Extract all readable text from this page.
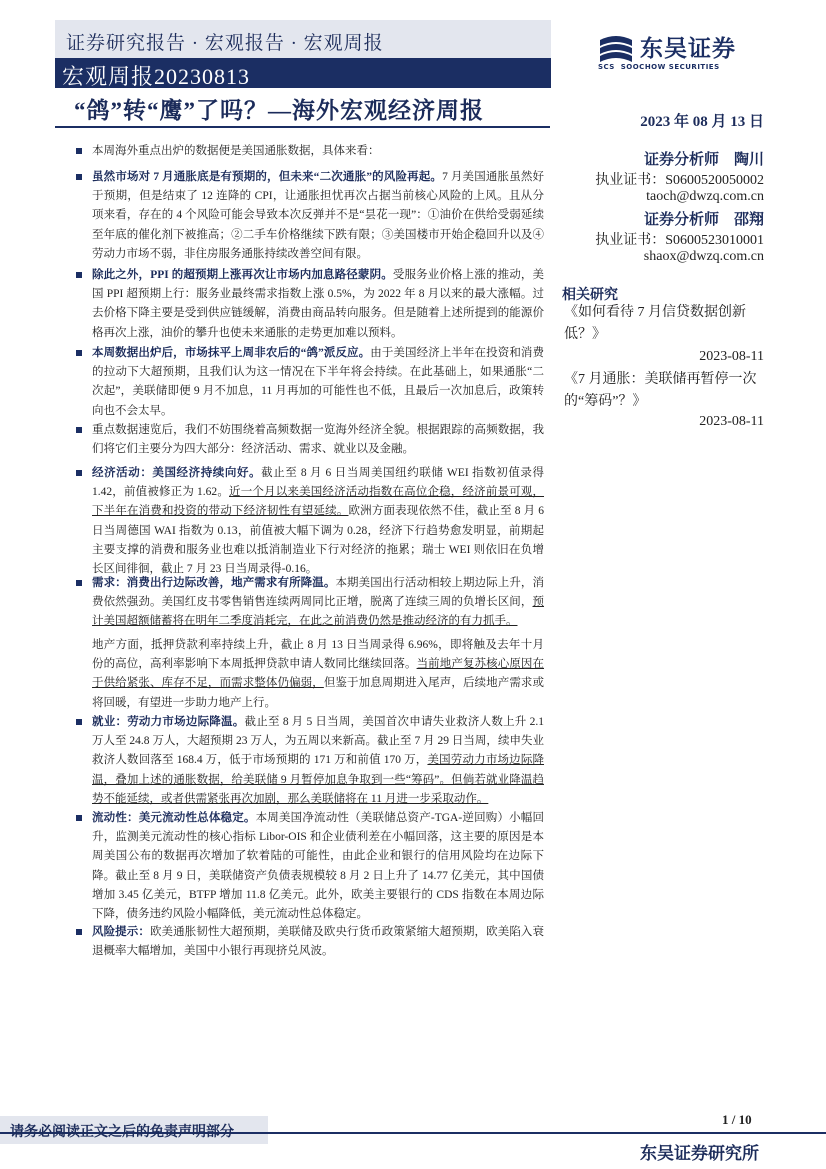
证券研究报告 · 宏观报告 · 宏观周报
宏观周报20230813
“鸽”转“鹰”了吗？—海外宏观经济周报
东吴证券
SCS SOOCHOW SECURITIES
2023 年 08 月 13 日
证券分析师　陶川
执业证书：S0600520050002
taoch@dwzq.com.cn
证券分析师　邵翔
执业证书：S0600523010001
shaox@dwzq.com.cn
相关研究
《如何看待 7 月信贷数据创新低？》
2023-08-11
《7 月通胀：美联储再暂停一次的“筹码”？》
2023-08-11
本周海外重点出炉的数据便是美国通胀数据，具体来看：
虽然市场对 7 月通胀底是有预期的，但未来“二次通胀”的风险再起。7 月美国通胀虽然好于预期，但是结束了 12 连降的 CPI，让通胀担忧再次占据当前核心风险的上风。且从分项来看，存在的 4 个风险可能会导致本次反弹并不是“昙花一现”：①油价在供给受弱延续至年底的催化剂下被推高；②二手车价格继续下跌有限；③美国楼市开始企稳回升以及④劳动力市场不弱，非住房服务通胀持续改善空间有限。
除此之外，PPI 的超预期上涨再次让市场内加息路径蒙阴。受服务业价格上涨的推动，美国 PPI 超预期上行：服务业最终需求指数上涨 0.5%，为 2022 年 8 月以来的最大涨幅。过去价格下降主要是受到供应链缓解，消费由商品转向服务。但是随着上述所提到的能源价格再次上涨，油价的攀升也使未来通胀的走势更加难以预料。
本周数据出炉后，市场抹平上周非农后的“鸽”派反应。由于美国经济上半年在投资和消费的拉动下大超预期，且我们认为这一情况在下半年将会持续。在此基础上，如果通胀“二次起”，美联储即便 9 月不加息，11 月再加的可能性也不低，且最后一次加息后，政策转向也不会太早。
重点数据速览后，我们不妨围绕着高频数据一览海外经济全貌。根据跟踪的高频数据，我们将它们主要分为四大部分：经济活动、需求、就业以及金融。
经济活动：美国经济持续向好。截止至 8 月 6 日当周美国纽约联储 WEI 指数初值录得 1.42，前值被修正为 1.62。近一个月以来美国经济活动指数在高位企稳，经济前景可观，下半年在消费和投资的带动下经济韧性有望延续。欧洲方面表现依然不佳，截止至 8 月 6 日当周德国 WAI 指数为 0.13，前值被大幅下调为 0.28，经济下行趋势愈发明显，前期起主要支撑的消费和服务业也难以抵消制造业下行对经济的拖累；瑞士 WEI 则依旧在负增长区间徘徊，截止 7 月 23 日当周录得-0.16。
需求：消费出行边际改善，地产需求有所降温。本期美国出行活动相较上期边际上升，消费依然强劲。美国红皮书零售销售连续两周同比正增，脱离了连续三周的负增长区间，预计美国超额储蓄将在明年二季度消耗完，在此之前消费仍然是推动经济的有力抓手。
地产方面，抵押贷款利率持续上升，截止 8 月 13 日当周录得 6.96%，即将触及去年十月份的高位，高利率影响下本周抵押贷款申请人数同比继续回落。当前地产复苏核心原因在于供给紧张、库存不足，而需求整体仍偏弱，但鉴于加息周期进入尾声，后续地产需求或将回暖，有望进一步助力地产上行。
就业：劳动力市场边际降温。截止至 8 月 5 日当周，美国首次申请失业救济人数上升 2.1 万人至 24.8 万人，大超预期 23 万人，为五周以来新高。截止至 7 月 29 日当周，续申失业救济人数回落至 168.4 万，低于市场预期的 171 万和前值 170 万，美国劳动力市场边际降温，叠加上述的通胀数据，给美联储 9 月暂停加息争取到一些“筹码”。但倘若就业降温趋势不能延续，或者供需紧张再次加剧，那么美联储将在 11 月进一步采取动作。
流动性：美元流动性总体稳定。本周美国净流动性（美联储总资产-TGA-逆回购）小幅回升，监测美元流动性的核心指标 Libor-OIS 和企业债利差在小幅回落，这主要的原因是本周美国公布的数据再次增加了软着陆的可能性，由此企业和银行的信用风险均在边际下降。截止至 8 月 9 日，美联储资产负债表规模较 8 月 2 日上升了 14.77 亿美元，其中国债增加 3.45 亿美元，BTFP 增加 11.8 亿美元。此外，欧美主要银行的 CDS 指数在本周边际下降，债务违约风险小幅降低，美元流动性总体稳定。
风险提示：欧美通胀韧性大超预期，美联储及欧央行货币政策紧缩大超预期，欧美陷入衰退概率大幅增加，美国中小银行再现挤兑风波。
1 / 10
请务必阅读正文之后的免责声明部分
东吴证券研究所
